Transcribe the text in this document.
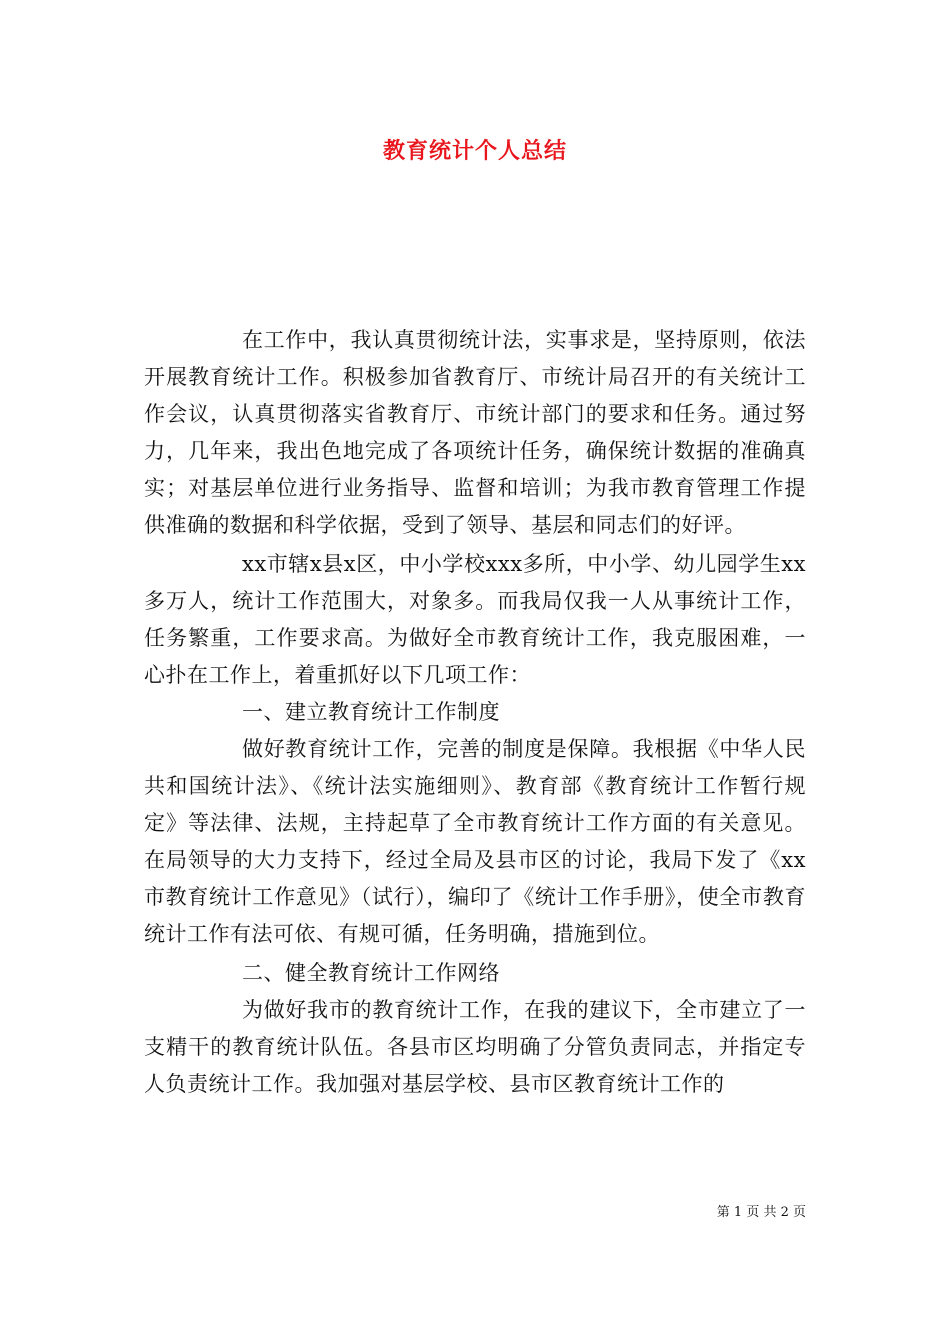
教育统计个人总结

在工作中，我认真贯彻统计法，实事求是，坚持原则，依法开展教育统计工作。积极参加省教育厅、市统计局召开的有关统计工作会议，认真贯彻落实省教育厅、市统计部门的要求和任务。通过努力，几年来，我出色地完成了各项统计任务，确保统计数据的准确真实；对基层单位进行业务指导、监督和培训；为我市教育管理工作提供准确的数据和科学依据，受到了领导、基层和同志们的好评。

xx市辖x县x区，中小学校xxx多所，中小学、幼儿园学生xx多万人，统计工作范围大，对象多。而我局仅我一人从事统计工作，任务繁重，工作要求高。为做好全市教育统计工作，我克服困难，一心扑在工作上，着重抓好以下几项工作：

一、建立教育统计工作制度

做好教育统计工作，完善的制度是保障。我根据《中华人民共和国统计法》、《统计法实施细则》、教育部《教育统计工作暂行规定》等法律、法规，主持起草了全市教育统计工作方面的有关意见。在局领导的大力支持下，经过全局及县市区的讨论，我局下发了《xx市教育统计工作意见》（试行），编印了《统计工作手册》，使全市教育统计工作有法可依、有规可循，任务明确，措施到位。

二、健全教育统计工作网络

为做好我市的教育统计工作，在我的建议下，全市建立了一支精干的教育统计队伍。各县市区均明确了分管负责同志，并指定专人负责统计工作。我加强对基层学校、县市区教育统计工作的

第 1 页 共 2 页
